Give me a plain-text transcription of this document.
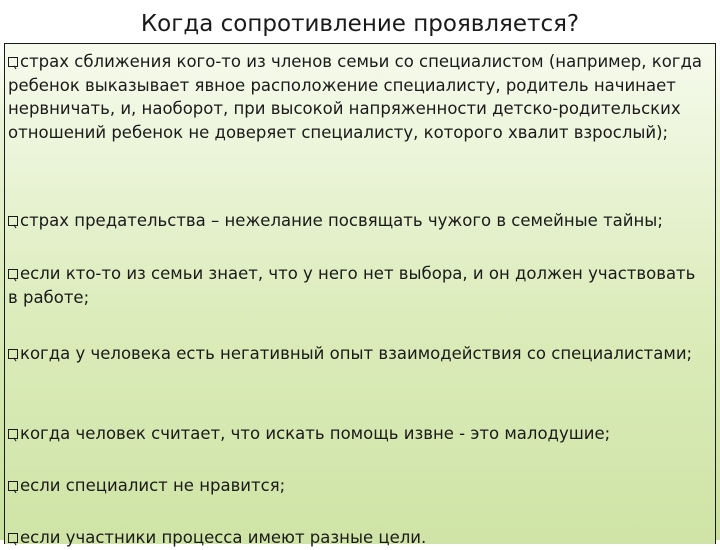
Когда сопротивление проявляется?
страх сближения кого-то из членов семьи со специалистом (например, когда ребенок выказывает явное расположение специалисту, родитель начинает нервничать, и, наоборот, при высокой напряженности детско-родительских отношений ребенок не доверяет специалисту, которого хвалит взрослый);
страх предательства – нежелание посвящать чужого в семейные тайны;
если кто-то из семьи знает, что у него нет выбора, и он должен участвовать в работе;
когда у человека есть негативный опыт взаимодействия со специалистами;
когда человек считает, что искать помощь извне - это малодушие;
если специалист не нравится;
если участники процесса имеют разные цели.
